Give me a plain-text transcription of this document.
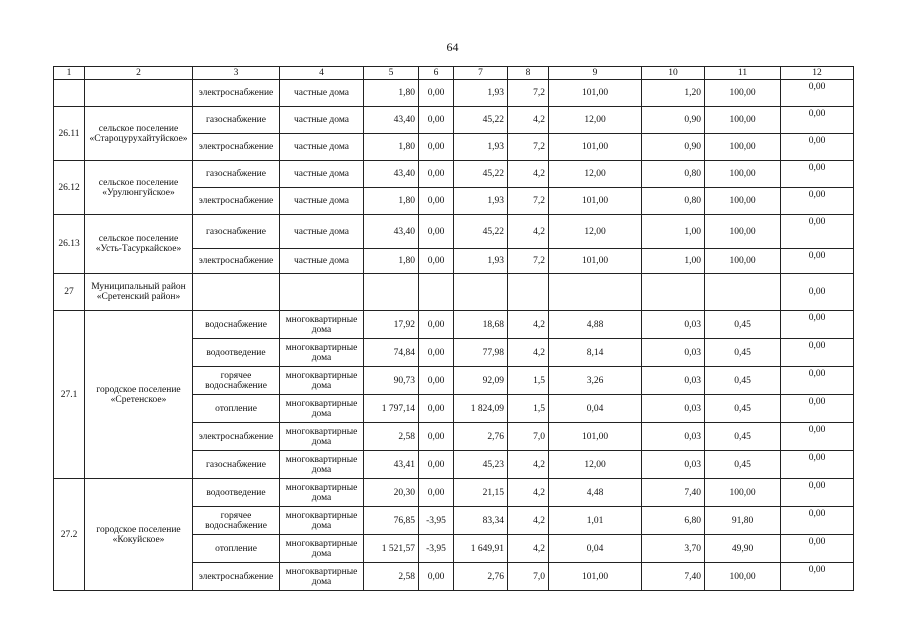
64
1	2	3	4	5	6	7	8	9	10	11	12
		электроснабжение	частные дома	1,80	0,00	1,93	7,2	101,00	1,20	100,00	0,00
26.11	сельское поселение «Староцурухайтуйское»	газоснабжение	частные дома	43,40	0,00	45,22	4,2	12,00	0,90	100,00	0,00
		электроснабжение	частные дома	1,80	0,00	1,93	7,2	101,00	0,90	100,00	0,00
26.12	сельское поселение «Урулюнгуйское»	газоснабжение	частные дома	43,40	0,00	45,22	4,2	12,00	0,80	100,00	0,00
		электроснабжение	частные дома	1,80	0,00	1,93	7,2	101,00	0,80	100,00	0,00
26.13	сельское поселение «Усть-Тасуркайское»	газоснабжение	частные дома	43,40	0,00	45,22	4,2	12,00	1,00	100,00	0,00
		электроснабжение	частные дома	1,80	0,00	1,93	7,2	101,00	1,00	100,00	0,00
27	Муниципальный район «Сретенский район»										0,00
27.1	городское поселение «Сретенское»	водоснабжение	многоквартирные дома	17,92	0,00	18,68	4,2	4,88	0,03	0,45	0,00
		водоотведение	многоквартирные дома	74,84	0,00	77,98	4,2	8,14	0,03	0,45	0,00
		горячее водоснабжение	многоквартирные дома	90,73	0,00	92,09	1,5	3,26	0,03	0,45	0,00
		отопление	многоквартирные дома	1 797,14	0,00	1 824,09	1,5	0,04	0,03	0,45	0,00
		электроснабжение	многоквартирные дома	2,58	0,00	2,76	7,0	101,00	0,03	0,45	0,00
		газоснабжение	многоквартирные дома	43,41	0,00	45,23	4,2	12,00	0,03	0,45	0,00
27.2	городское поселение «Кокуйское»	водоотведение	многоквартирные дома	20,30	0,00	21,15	4,2	4,48	7,40	100,00	0,00
		горячее водоснабжение	многоквартирные дома	76,85	-3,95	83,34	4,2	1,01	6,80	91,80	0,00
		отопление	многоквартирные дома	1 521,57	-3,95	1 649,91	4,2	0,04	3,70	49,90	0,00
		электроснабжение	многоквартирные дома	2,58	0,00	2,76	7,0	101,00	7,40	100,00	0,00
